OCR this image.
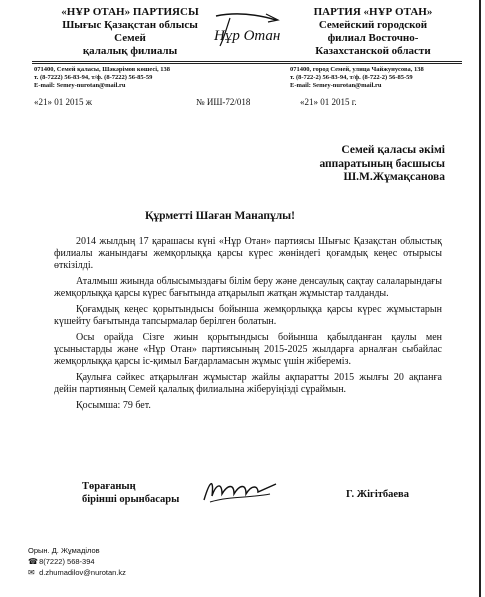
«НҰР ОТАН» ПАРТИЯСЫ
Шығыс Қазақстан облысы
Семей
қалалық филиалы
Нұр Отан
ПАРТИЯ «НҰР ОТАН»
Семейский городской
филиал Восточно-
Казахстанской области
071400, Семей қаласы, Шәкәрімов көшесі, 138
т. (8-7222) 56-83-94, т/ф. (8-7222) 56-85-59
E-mail: Semey-nurotan@mail.ru
071400, город Семей, улица Чайжунусова, 138
т. (8-722-2) 56-83-94, т/ф. (8-722-2) 56-85-59
E-mail: Semey-nurotan@mail.ru
«21» 01 2015 ж	№ ИШ-72/018	«21» 01 2015 г.
Семей қаласы әкімі
аппаратының басшысы
Ш.М.Жұмақсанова
Құрметті Шаған Манапұлы!

2014 жылдың 17 қарашасы күні «Нұр Отан» партиясы Шығыс Қазақстан облыстық филиалы жанындағы жемқорлыққа қарсы күрес жөніндегі қоғамдық кеңес отырысы өткізілді.

Аталмыш жиында облысымыздағы білім беру және денсаулық сақтау салаларындағы жемқорлыққа қарсы күрес бағытында атқарылып жатқан жұмыстар талданды.

Қоғамдық кеңес қорытындысы бойынша жемқорлыққа қарсы күрес жұмыстарын күшейту бағытында тапсырмалар берілген болатын.

Осы орайда Сізге жиын қорытындысы бойынша қабылданған қаулы мен ұсыныстарды және «Нұр Отан» партиясының 2015-2025 жылдарға арналған сыбайлас жемқорлыққа қарсы іс-қимыл Бағдарламасын жұмыс үшін жібереміз.

Қаулыға сәйкес атқарылған жұмыстар жайлы ақпаратты 2015 жылғы 20 ақпанға дейін партияның Семей қалалық филиалына жіберуіңізді сұраймын.

Қосымша: 79 бет.

Төрағаның
бірінші орынбасары	Г. Жігітбаева
Орын. Д. Жұмаділов
☎ 8(7222) 568-394
✉ d.zhumadilov@nurotan.kz
